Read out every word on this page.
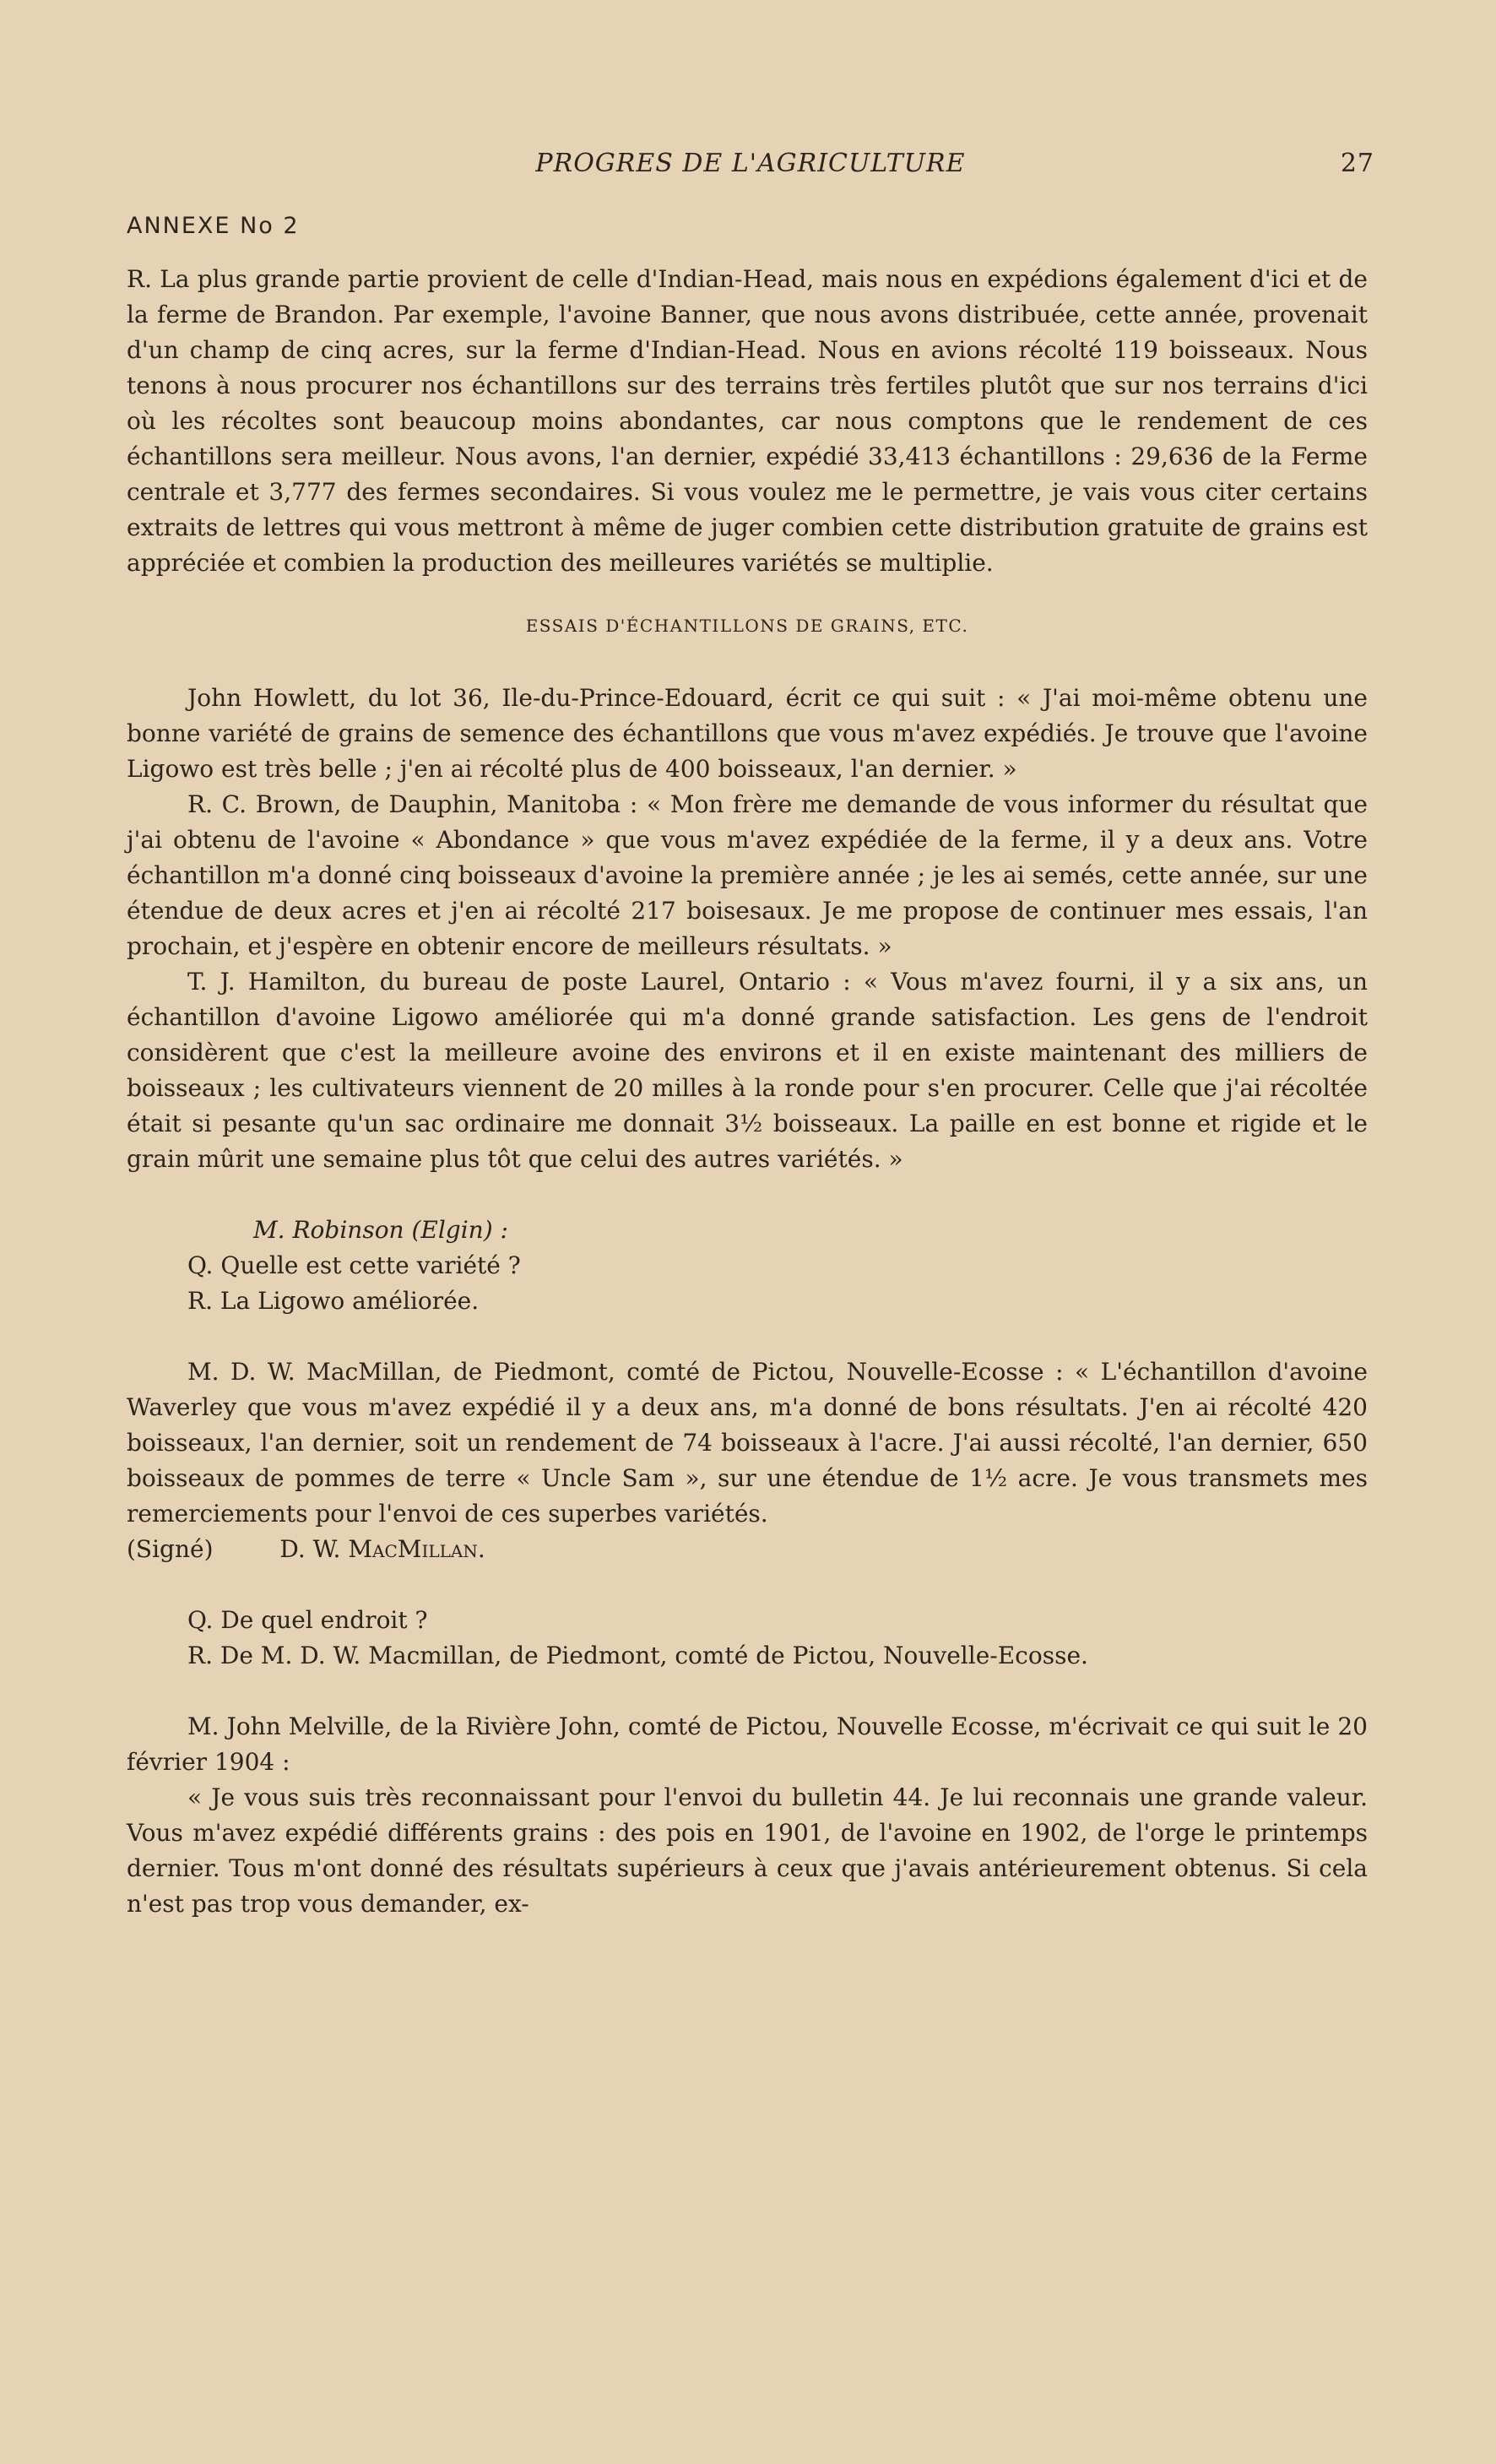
PROGRES DE L'AGRICULTURE	27
ANNEXE No 2

R. La plus grande partie provient de celle d'Indian-Head, mais nous en expédions également d'ici et de la ferme de Brandon. Par exemple, l'avoine Banner, que nous avons distribuée, cette année, provenait d'un champ de cinq acres, sur la ferme d'Indian-Head. Nous en avions récolté 119 boisseaux. Nous tenons à nous procurer nos échantillons sur des terrains très fertiles plutôt que sur nos terrains d'ici où les récoltes sont beaucoup moins abondantes, car nous comptons que le rendement de ces échantillons sera meilleur. Nous avons, l'an dernier, expédié 33,413 échantillons : 29,636 de la Ferme centrale et 3,777 des fermes secondaires. Si vous voulez me le permettre, je vais vous citer certains extraits de lettres qui vous mettront à même de juger combien cette distribution gratuite de grains est appréciée et combien la production des meilleures variétés se multiplie.

ESSAIS D'ÉCHANTILLONS DE GRAINS, ETC.

John Howlett, du lot 36, Ile-du-Prince-Edouard, écrit ce qui suit : « J'ai moi-même obtenu une bonne variété de grains de semence des échantillons que vous m'avez expédiés. Je trouve que l'avoine Ligowo est très belle ; j'en ai récolté plus de 400 boisseaux, l'an dernier. »

R. C. Brown, de Dauphin, Manitoba : « Mon frère me demande de vous informer du résultat que j'ai obtenu de l'avoine « Abondance » que vous m'avez expédiée de la ferme, il y a deux ans. Votre échantillon m'a donné cinq boisseaux d'avoine la première année ; je les ai semés, cette année, sur une étendue de deux acres et j'en ai récolté 217 boisesaux. Je me propose de continuer mes essais, l'an prochain, et j'espère en obtenir encore de meilleurs résultats. »

T. J. Hamilton, du bureau de poste Laurel, Ontario : « Vous m'avez fourni, il y a six ans, un échantillon d'avoine Ligowo améliorée qui m'a donné grande satisfaction. Les gens de l'endroit considèrent que c'est la meilleure avoine des environs et il en existe maintenant des milliers de boisseaux ; les cultivateurs viennent de 20 milles à la ronde pour s'en procurer. Celle que j'ai récoltée était si pesante qu'un sac ordinaire me donnait 3½ boisseaux. La paille en est bonne et rigide et le grain mûrit une semaine plus tôt que celui des autres variétés. »

M. Robinson (Elgin) :

Q. Quelle est cette variété ?

R. La Ligowo améliorée.

M. D. W. MacMillan, de Piedmont, comté de Pictou, Nouvelle-Ecosse : « L'échantillon d'avoine Waverley que vous m'avez expédié il y a deux ans, m'a donné de bons résultats. J'en ai récolté 420 boisseaux, l'an dernier, soit un rendement de 74 boisseaux à l'acre. J'ai aussi récolté, l'an dernier, 650 boisseaux de pommes de terre « Uncle Sam », sur une étendue de 1½ acre. Je vous transmets mes remerciements pour l'envoi de ces superbes variétés.

(Signé)	D. W. MacMillan.

Q. De quel endroit ?

R. De M. D. W. Macmillan, de Piedmont, comté de Pictou, Nouvelle-Ecosse.

M. John Melville, de la Rivière John, comté de Pictou, Nouvelle Ecosse, m'écrivait ce qui suit le 20 février 1904 :

« Je vous suis très reconnaissant pour l'envoi du bulletin 44. Je lui reconnais une grande valeur. Vous m'avez expédié différents grains : des pois en 1901, de l'avoine en 1902, de l'orge le printemps dernier. Tous m'ont donné des résultats supérieurs à ceux que j'avais antérieurement obtenus. Si cela n'est pas trop vous demander, ex-
